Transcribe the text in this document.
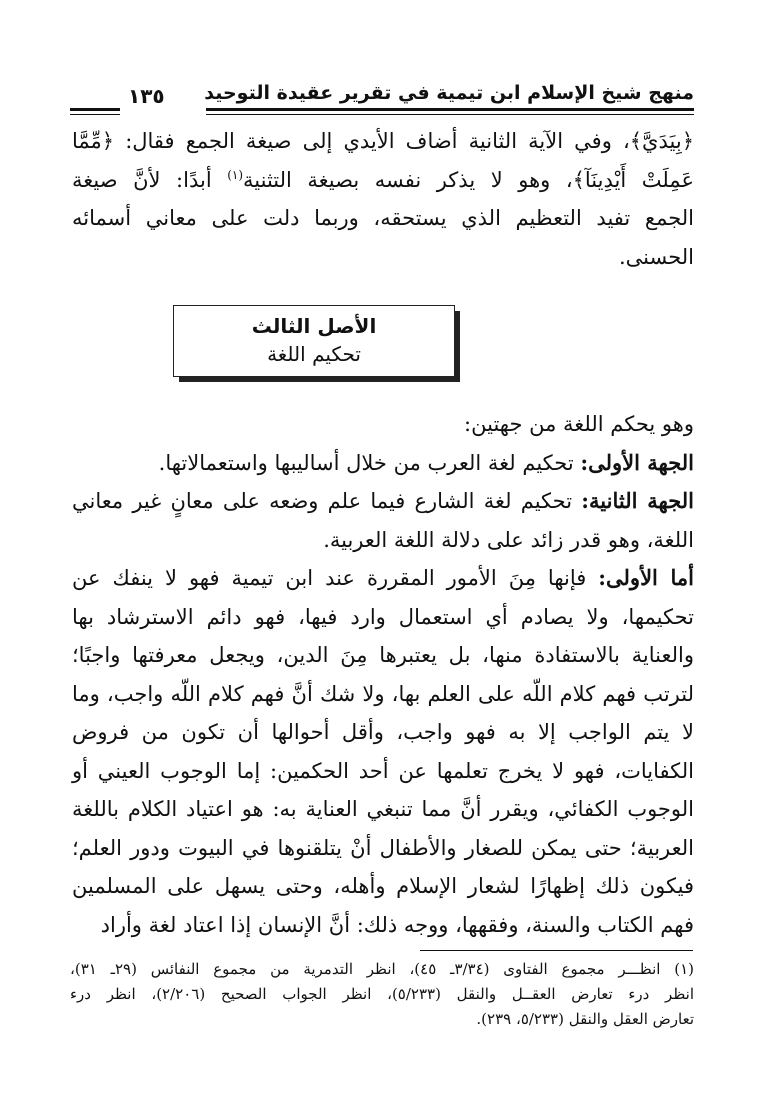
منهج شيخ الإسلام ابن تيمية في تقرير عقيدة التوحيد
١٣٥

﴿بِيَدَيَّ﴾، وفي الآية الثانية أضاف الأيدي إلى صيغة الجمع فقال: ﴿مِّمَّا

عَمِلَتْ أَيْدِينَآ﴾، وهو لا يذكر نفسه بصيغة التثنية$^{(١)}$ أبدًا: لأنَّ صيغة

الجمع تفيد التعظيم الذي يستحقه، وربما دلت على معاني أسمائه

الحسنى.

الأصل الثالث
تحكيم اللغة

وهو يحكم اللغة من جهتين:

الجهة الأولى: تحكيم لغة العرب من خلال أساليبها واستعمالاتها.

الجهة الثانية: تحكيم لغة الشارع فيما علم وضعه على معانٍ غير معاني اللغة، وهو قدر زائد على دلالة اللغة العربية.

أما الأولى: فإنها مِنَ الأمور المقررة عند ابن تيمية فهو لا ينفك عن تحكيمها، ولا يصادم أي استعمال وارد فيها، فهو دائم الاسترشاد بها والعناية بالاستفادة منها، بل يعتبرها مِنَ الدين، ويجعل معرفتها واجبًا؛ لترتب فهم كلام اللّه على العلم بها، ولا شك أنَّ فهم كلام اللّه واجب، وما لا يتم الواجب إلا به فهو واجب، وأقل أحوالها أن تكون من فروض الكفايات، فهو لا يخرج تعلمها عن أحد الحكمين: إما الوجوب العيني أو الوجوب الكفائي، ويقرر أنَّ مما تنبغي العناية به: هو اعتياد الكلام باللغة العربية؛ حتى يمكن للصغار والأطفال أنْ يتلقنوها في البيوت ودور العلم؛ فيكون ذلك إظهارًا لشعار الإسلام وأهله، وحتى يسهل على المسلمين فهم الكتاب والسنة، وفقهها، ووجه ذلك: أنَّ الإنسان إذا اعتاد لغة وأراد

(١) انظـــر مجموع الفتاوى (٣/٣٤ـ ٤٥)، انظر التدمرية من مجموع النفائس (٢٩ـ ٣١)،

انظر درء تعارض العقــل والنقل (٥/٢٣٣)، انظر الجواب الصحيح (٢/٢٠٦)، انظر درء

تعارض العقل والنقل (٥/٢٣٣، ٢٣٩).
